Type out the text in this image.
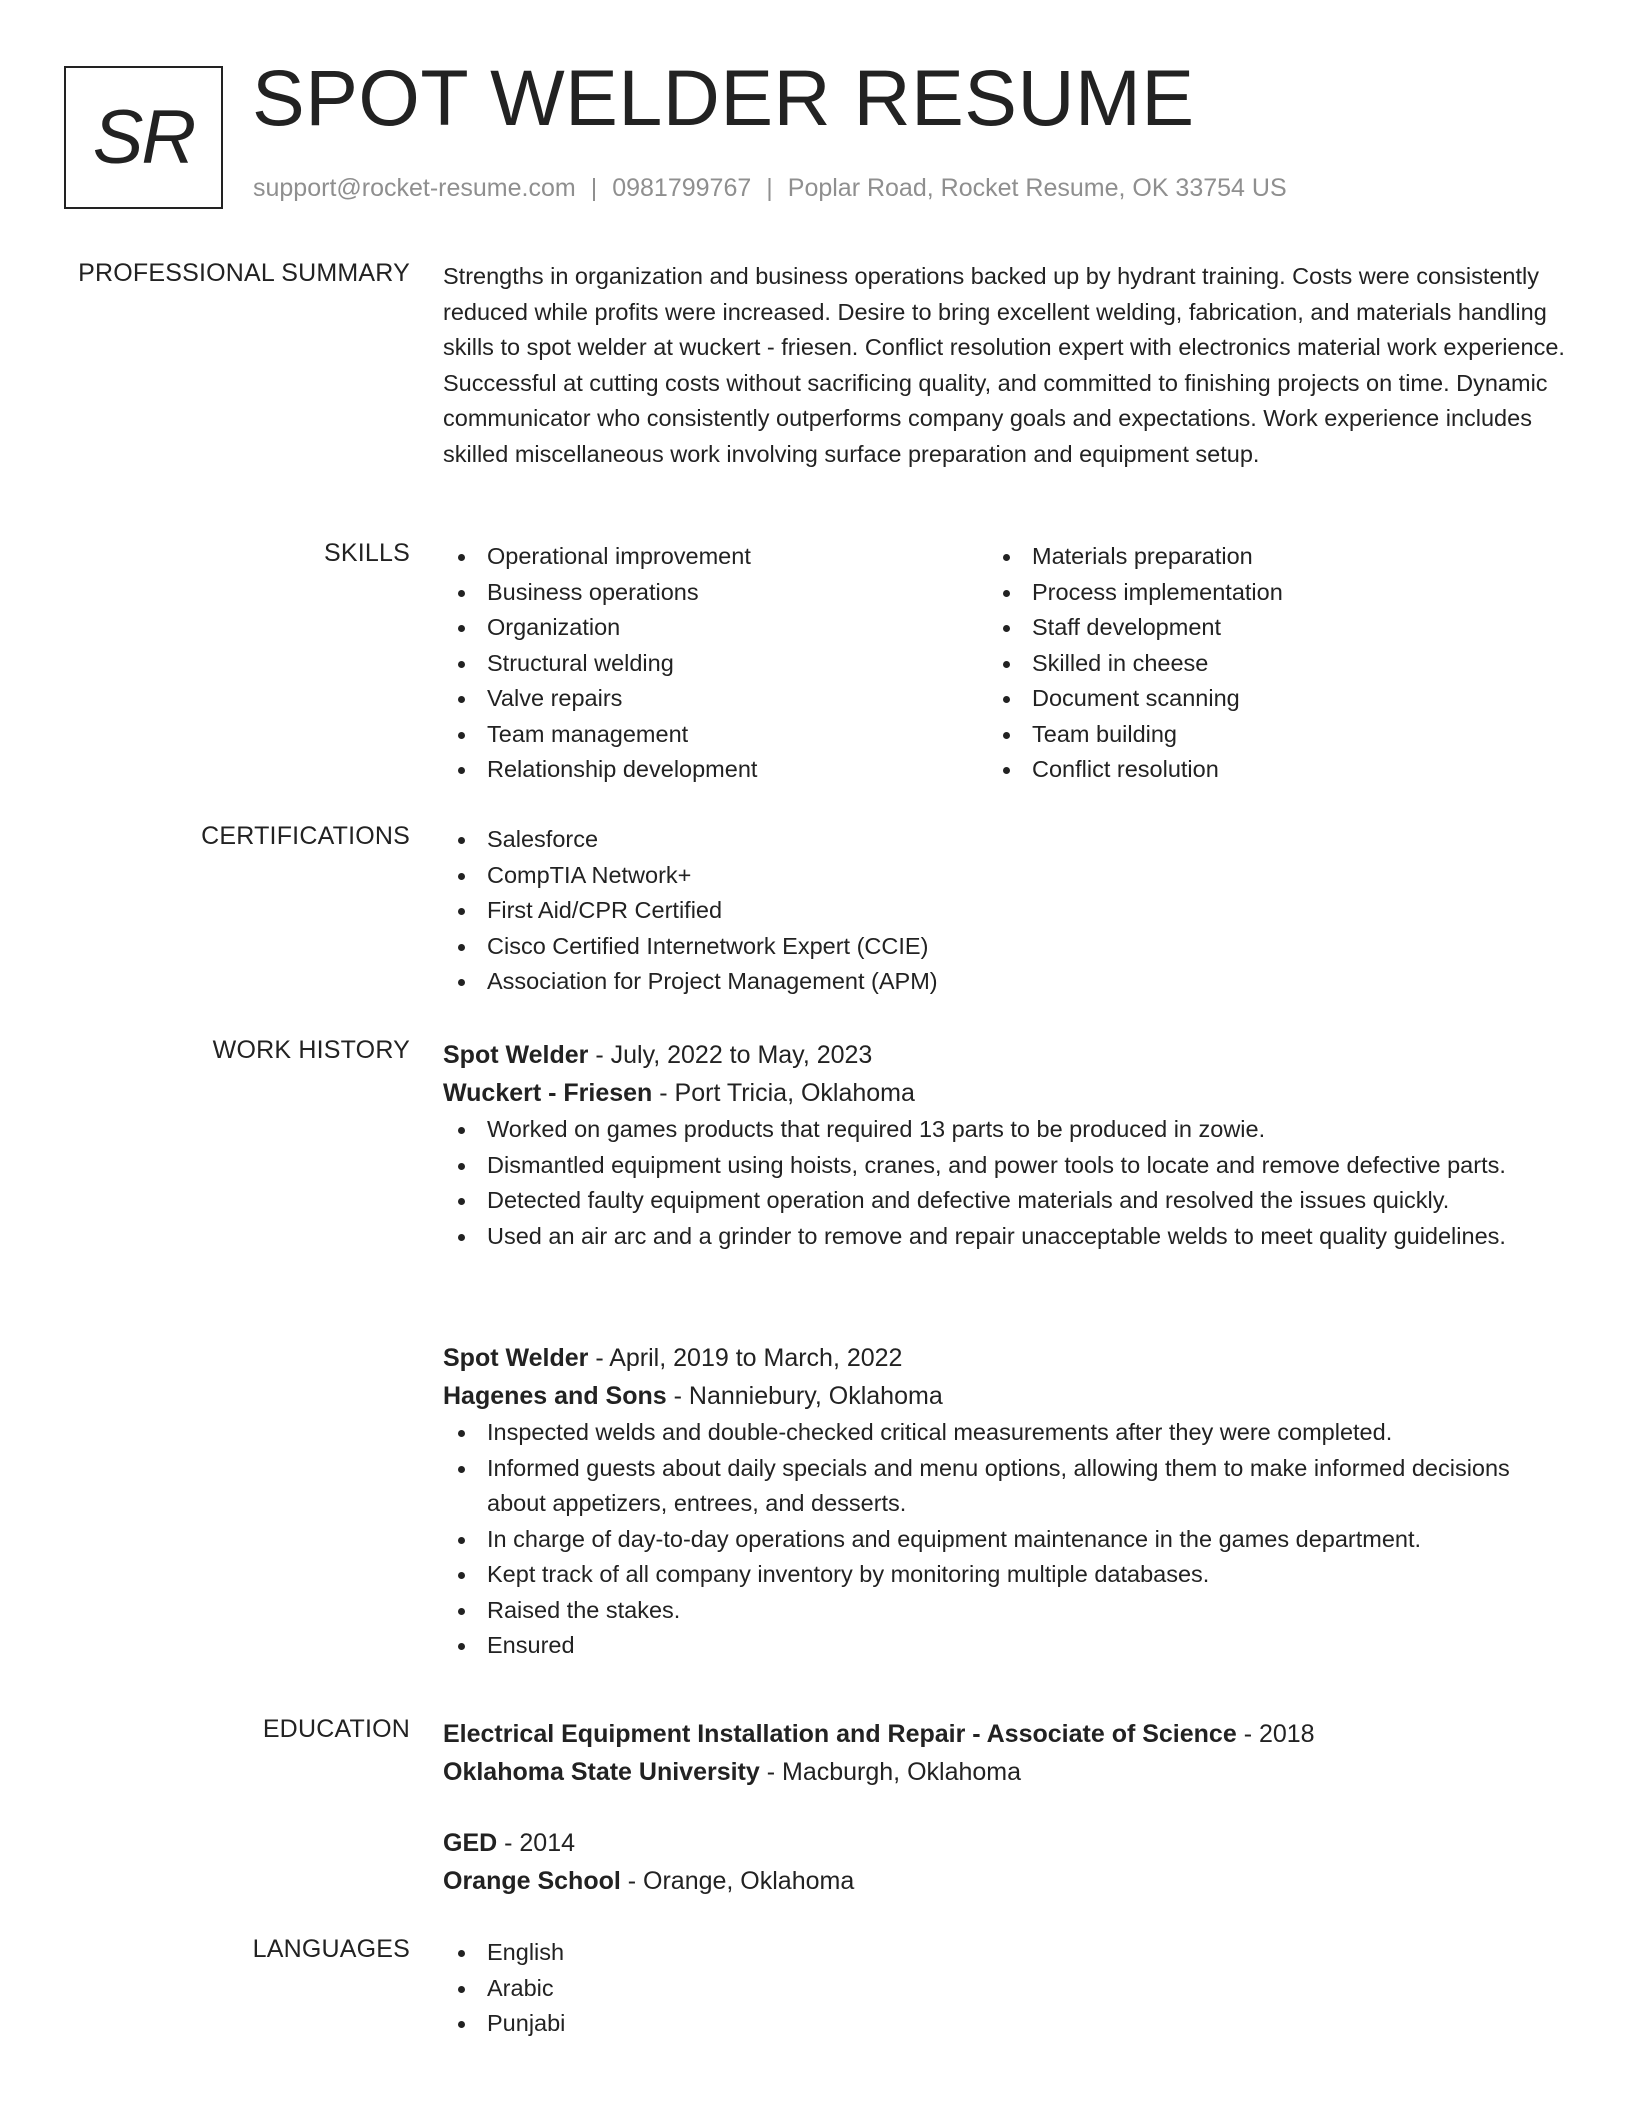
SR SPOT WELDER RESUME
support@rocket-resume.com | 0981799767 | Poplar Road, Rocket Resume, OK 33754 US
PROFESSIONAL SUMMARY Strengths in organization and business operations backed up by hydrant training. Costs were consistently reduced while profits were increased. Desire to bring excellent welding, fabrication, and materials handling skills to spot welder at wuckert - friesen. Conflict resolution expert with electronics material work experience. Successful at cutting costs without sacrificing quality, and committed to finishing projects on time. Dynamic communicator who consistently outperforms company goals and expectations. Work experience includes skilled miscellaneous work involving surface preparation and equipment setup.

SKILLS	Operational improvement
Business operations
Organization
Structural welding
Valve repairs
Team management
Relationship development
Materials preparation
Process implementation
Staff development
Skilled in cheese
Document scanning
Team building
Conflict resolution
CERTIFICATIONS	Salesforce
CompTIA Network+
First Aid/CPR Certified
Cisco Certified Internetwork Expert (CCIE)
Association for Project Management (APM)
WORK HISTORY Spot Welder - July, 2022 to May, 2023
Wuckert - Friesen - Port Tricia, Oklahoma
Worked on games products that required 13 parts to be produced in zowie.
Dismantled equipment using hoists, cranes, and power tools to locate and remove defective parts.
Detected faulty equipment operation and defective materials and resolved the issues quickly.
Used an air arc and a grinder to remove and repair unacceptable welds to meet quality guidelines.
Spot Welder - April, 2019 to March, 2022
Hagenes and Sons - Nanniebury, Oklahoma
Inspected welds and double-checked critical measurements after they were completed.
Informed guests about daily specials and menu options, allowing them to make informed decisions about appetizers, entrees, and desserts.
In charge of day-to-day operations and equipment maintenance in the games department.
Kept track of all company inventory by monitoring multiple databases.
Raised the stakes.
Ensured
EDUCATION Electrical Equipment Installation and Repair - Associate of Science - 2018
Oklahoma State University - Macburgh, Oklahoma
GED - 2014
Orange School - Orange, Oklahoma
LANGUAGES	English
Arabic
Punjabi
